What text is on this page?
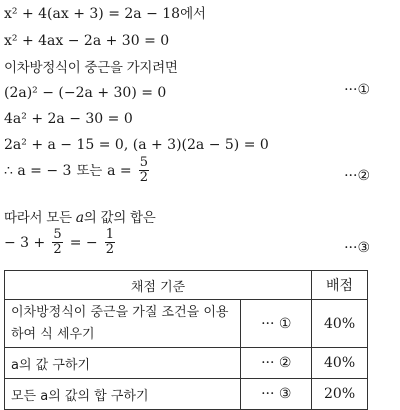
x² + 4(ax + 3) = 2a − 18에서
x² + 4ax − 2a + 30 = 0
이차방정식이 중근을 가지려면
(2a)² − (−2a + 30) = 0	···①
4a² + 2a − 30 = 0
2a² + a − 15 = 0, (a + 3)(2a − 5) = 0
∴ a = − 3 또는 $a = \frac{5}{2}$	···②
따라서 모든 a의 값의 합은
− $3 + \frac{5}{2}$ = − $\frac{1}{2}$	···③
채점 기준		배점
이차방정식이 중근을 가질 조건을 이용하여 식 세우기	··· ①	40%
a의 값 구하기	··· ②	40%
모든 a의 값의 합 구하기	··· ③	20%
